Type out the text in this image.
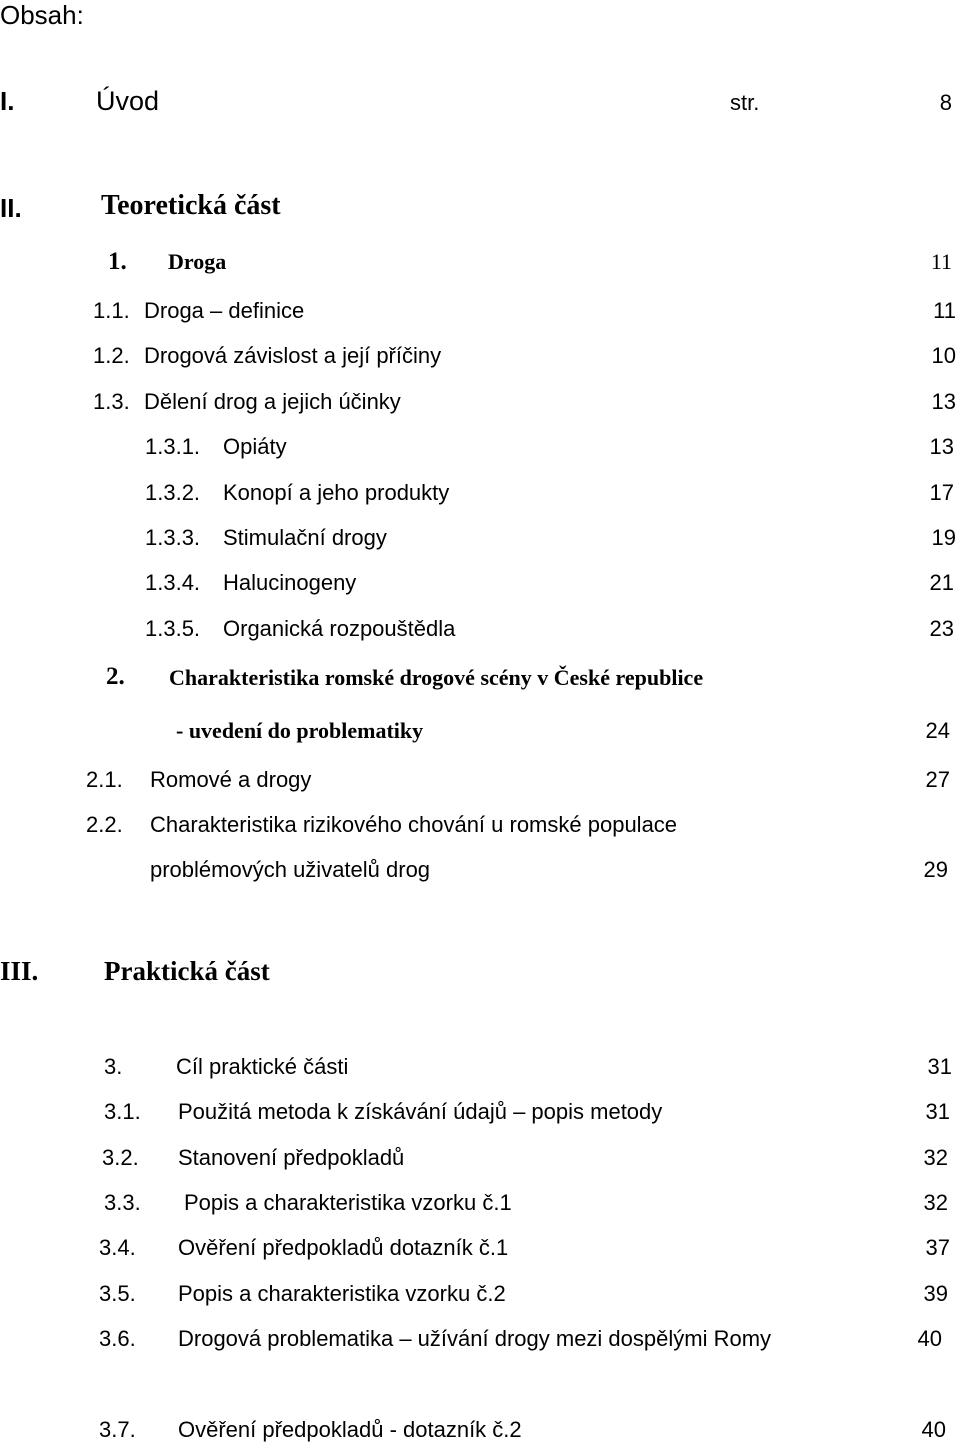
Obsah:
I.	Úvod	str.	8
II.	Teoretická část
1. Droga	11
1.1. Droga – definice	11
1.2. Drogová závislost a její příčiny	10
1.3. Dělení drog a jejich účinky	13
1.3.1. Opiáty	13
1.3.2. Konopí a jeho produkty	17
1.3.3. Stimulační drogy	19
1.3.4. Halucinogeny	21
1.3.5. Organická rozpouštědla	23
2. Charakteristika romské drogové scény v České republice
- uvedení do problematiky	24
2.1. Romové a drogy	27
2.2. Charakteristika rizikového chování u romské populace
problémových uživatelů drog	29
III. Praktická část
3. Cíl praktické části	31
3.1. Použitá metoda k získávání údajů – popis metody	31
3.2. Stanovení předpokladů	32
3.3. Popis a charakteristika vzorku č.1	32
3.4. Ověření předpokladů dotazník č.1	37
3.5. Popis a charakteristika vzorku č.2	39
3.6. Drogová problematika – užívání drogy mezi dospělými Romy	40
3.7. Ověření předpokladů - dotazník č.2	40
